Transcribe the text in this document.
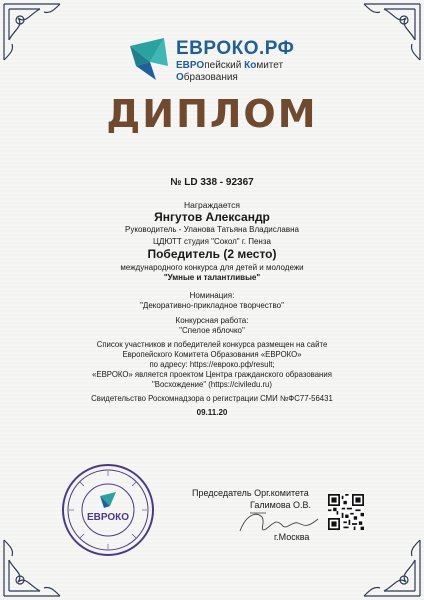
ЕВРОКО.РФ
ЕВРОпейский Комитет
Образования
ДИПЛОМ
№ LD 338 - 92367
Награждается
Янгутов Александр
Руководитель - Уланова Татьяна Владиславна
ЦДЮТТ студия "Сокол" г. Пенза
Победитель (2 место)
международного конкурса для детей и молодежи
"Умные и талантливые"
Номинация:
"Декоративно-прикладное творчество"
Конкурсная работа:
"Спелое яблочко"
Список участников и победителей конкурса размещен на сайте
Европейского Комитета Образования «ЕВРОКО»
по адресу: https://евроко.рф/result;
«ЕВРОКО» является проектом Центра гражданского образования
"Восхождение" (https://civiledu.ru)
Свидетельство Роскомнадзора о регистрации СМИ №ФС77-56431
09.11.20
ЕВРОКО
Председатель Орг.комитета
Галимова О.В.
г.Москва
